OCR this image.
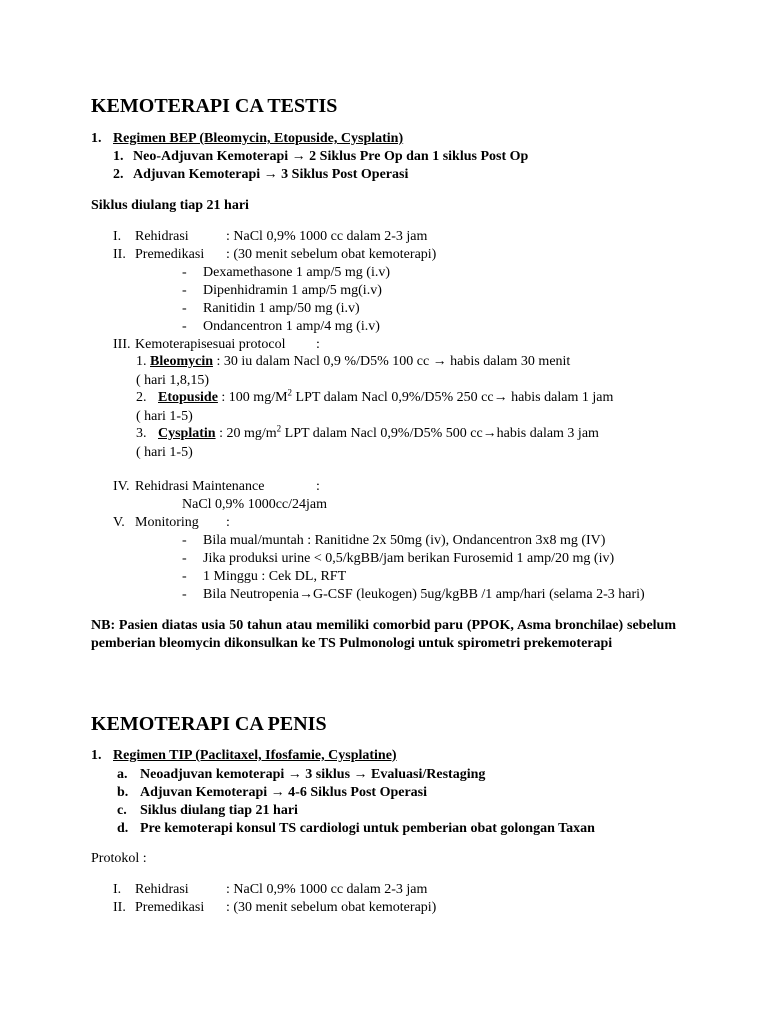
KEMOTERAPI CA TESTIS
1. Regimen BEP (Bleomycin, Etopuside, Cysplatin)
1. Neo-Adjuvan Kemoterapi → 2 Siklus Pre Op dan 1 siklus Post Op
2. Adjuvan Kemoterapi → 3 Siklus Post Operasi
Siklus diulang tiap 21 hari
I. Rehidrasi	: NaCl 0,9% 1000 cc dalam 2-3 jam
II. Premedikasi : (30 menit sebelum obat kemoterapi)
- Dexamethasone 1 amp/5 mg (i.v)
- Dipenhidramin 1 amp/5 mg(i.v)
- Ranitidin 1 amp/50 mg (i.v)
- Ondancentron 1 amp/4 mg (i.v)
III. Kemoterapisesuai protocol :
1. Bleomycin : 30 iu dalam Nacl 0,9 %/D5% 100 cc → habis dalam 30 menit
( hari 1,8,15)
2. Etopuside : 100 $mg/M^2$ LPT dalam Nacl 0,9%/D5% 250 cc→ habis dalam 1 jam
( hari 1-5)
3. Cysplatin : 20 $mg/m^2$ LPT dalam Nacl 0,9%/D5% 500 cc→habis dalam 3 jam
( hari 1-5)
IV. Rehidrasi Maintenance	:
NaCl 0,9% 1000cc/24jam
V. Monitoring :
- Bila mual/muntah : Ranitidne 2x 50mg (iv), Ondancentron 3x8 mg (IV)
- Jika produksi urine < 0,5/kgBB/jam berikan Furosemid 1 amp/20 mg (iv)
- 1 Minggu : Cek DL, RFT
- Bila Neutropenia→G-CSF (leukogen) 5ug/kgBB /1 amp/hari (selama 2-3 hari)
NB: Pasien diatas usia 50 tahun atau memiliki comorbid paru (PPOK, Asma bronchilae) sebelum pemberian bleomycin dikonsulkan ke TS Pulmonologi untuk spirometri prekemoterapi
KEMOTERAPI CA PENIS
1. Regimen TIP (Paclitaxel, Ifosfamie, Cysplatine)
a. Neoadjuvan kemoterapi → 3 siklus → Evaluasi/Restaging
b. Adjuvan Kemoterapi → 4-6 Siklus Post Operasi
c. Siklus diulang tiap 21 hari
d. Pre kemoterapi konsul TS cardiologi untuk pemberian obat golongan Taxan
Protokol :
I. Rehidrasi	: NaCl 0,9% 1000 cc dalam 2-3 jam
II. Premedikasi : (30 menit sebelum obat kemoterapi)
